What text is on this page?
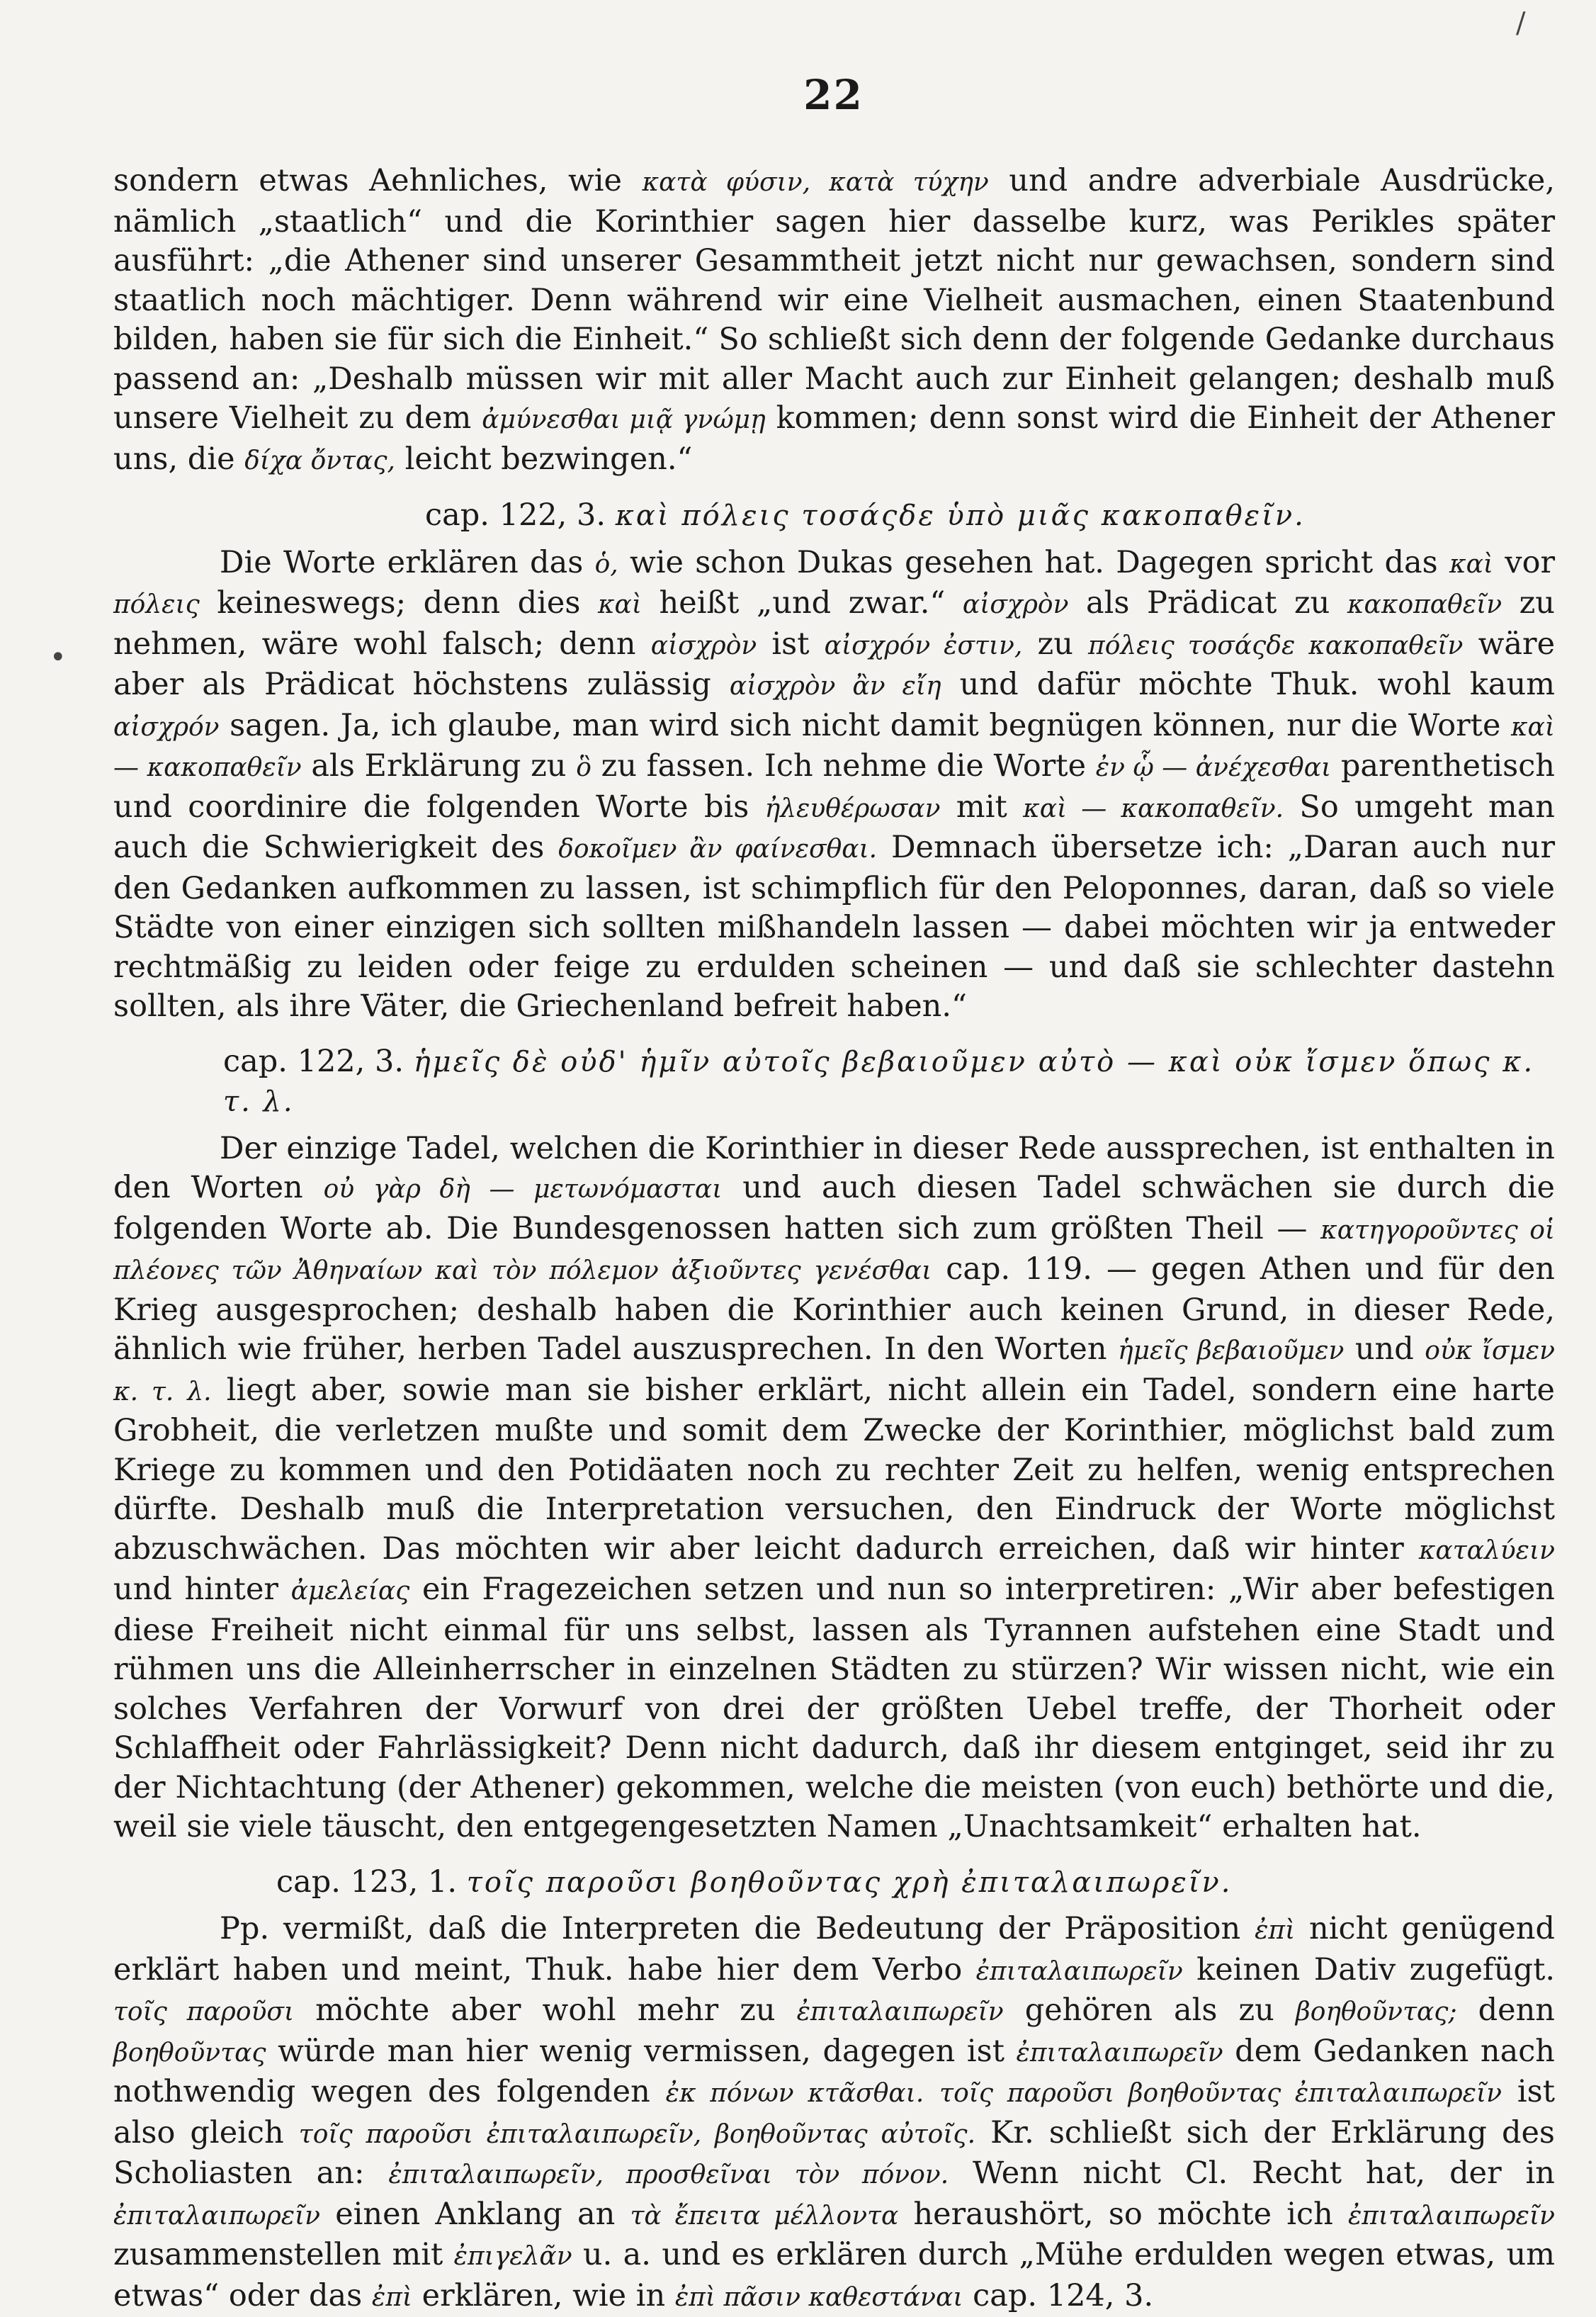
/
•
22

sondern etwas Aehnliches, wie κατὰ φύσιν, κατὰ τύχην und andre adverbiale Ausdrücke, nämlich „staatlich“ und die Korinthier sagen hier dasselbe kurz, was Perikles später ausführt: „die Athener sind unserer Gesammtheit jetzt nicht nur gewachsen, sondern sind staatlich noch mächtiger. Denn während wir eine Vielheit ausmachen, einen Staatenbund bilden, haben sie für sich die Einheit.“ So schließt sich denn der folgende Gedanke durchaus passend an: „Deshalb müssen wir mit aller Macht auch zur Einheit gelangen; deshalb muß unsere Vielheit zu dem ἀμύνεσθαι μιᾷ γνώμῃ kommen; denn sonst wird die Einheit der Athener uns, die δίχα ὄντας, leicht bezwingen.“

cap. 122, 3. καὶ πόλεις τοσάςδε ὑπὸ μιᾶς κακοπαθεῖν.

Die Worte erklären das ὁ, wie schon Dukas gesehen hat. Dagegen spricht das καὶ vor πόλεις keineswegs; denn dies καὶ heißt „und zwar.“ αἰσχρὸν als Prädicat zu κακοπαθεῖν zu nehmen, wäre wohl falsch; denn αἰσχρὸν ist αἰσχρόν ἐστιν, zu πόλεις τοσάςδε κακοπαθεῖν wäre aber als Prädicat höchstens zulässig αἰσχρὸν ἂν εἴη und dafür möchte Thuk. wohl kaum αἰσχρόν sagen. Ja, ich glaube, man wird sich nicht damit begnügen können, nur die Worte καὶ — κακοπαθεῖν als Erklärung zu ὃ zu fassen. Ich nehme die Worte ἐν ᾧ — ἀνέχεσθαι parenthetisch und coordinire die folgenden Worte bis ἠλευθέρωσαν mit καὶ — κακοπαθεῖν. So umgeht man auch die Schwierigkeit des δοκοῖμεν ἂν φαίνεσθαι. Demnach übersetze ich: „Daran auch nur den Gedanken aufkommen zu lassen, ist schimpflich für den Peloponnes, daran, daß so viele Städte von einer einzigen sich sollten mißhandeln lassen — dabei möchten wir ja entweder rechtmäßig zu leiden oder feige zu erdulden scheinen — und daß sie schlechter dastehn sollten, als ihre Väter, die Griechenland befreit haben.“

cap. 122, 3. ἡμεῖς δὲ οὐδ' ἡμῖν αὐτοῖς βεβαιοῦμεν αὐτὸ — καὶ οὐκ ἴσμεν ὅπως κ. τ. λ.

Der einzige Tadel, welchen die Korinthier in dieser Rede aussprechen, ist enthalten in den Worten οὐ γὰρ δὴ — μετωνόμασται und auch diesen Tadel schwächen sie durch die folgenden Worte ab. Die Bundesgenossen hatten sich zum größten Theil — κατηγοροῦντες οἱ πλέονες τῶν Ἀθηναίων καὶ τὸν πόλεμον ἀξιοῦντες γενέσθαι cap. 119. — gegen Athen und für den Krieg ausgesprochen; deshalb haben die Korinthier auch keinen Grund, in dieser Rede, ähnlich wie früher, herben Tadel auszusprechen. In den Worten ἡμεῖς βεβαιοῦμεν und οὐκ ἴσμεν κ. τ. λ. liegt aber, sowie man sie bisher erklärt, nicht allein ein Tadel, sondern eine harte Grobheit, die verletzen mußte und somit dem Zwecke der Korinthier, möglichst bald zum Kriege zu kommen und den Potidäaten noch zu rechter Zeit zu helfen, wenig entsprechen dürfte. Deshalb muß die Interpretation versuchen, den Eindruck der Worte möglichst abzuschwächen. Das möchten wir aber leicht dadurch erreichen, daß wir hinter καταλύειν und hinter ἀμελείας ein Fragezeichen setzen und nun so interpretiren: „Wir aber befestigen diese Freiheit nicht einmal für uns selbst, lassen als Tyrannen aufstehen eine Stadt und rühmen uns die Alleinherrscher in einzelnen Städten zu stürzen? Wir wissen nicht, wie ein solches Verfahren der Vorwurf von drei der größten Uebel treffe, der Thorheit oder Schlaffheit oder Fahrlässigkeit? Denn nicht dadurch, daß ihr diesem entginget, seid ihr zu der Nichtachtung (der Athener) gekommen, welche die meisten (von euch) bethörte und die, weil sie viele täuscht, den entgegengesetzten Namen „Unachtsamkeit“ erhalten hat.

cap. 123, 1. τοῖς παροῦσι βοηθοῦντας χρὴ ἐπιταλαιπωρεῖν.

Pp. vermißt, daß die Interpreten die Bedeutung der Präposition ἐπὶ nicht genügend erklärt haben und meint, Thuk. habe hier dem Verbo ἐπιταλαιπωρεῖν keinen Dativ zugefügt. τοῖς παροῦσι möchte aber wohl mehr zu ἐπιταλαιπωρεῖν gehören als zu βοηθοῦντας; denn βοηθοῦντας würde man hier wenig vermissen, dagegen ist ἐπιταλαιπωρεῖν dem Gedanken nach nothwendig wegen des folgenden ἐκ πόνων κτᾶσθαι. τοῖς παροῦσι βοηθοῦντας ἐπιταλαιπωρεῖν ist also gleich τοῖς παροῦσι ἐπιταλαιπωρεῖν, βοηθοῦντας αὐτοῖς. Kr. schließt sich der Erklärung des Scholiasten an: ἐπιταλαιπωρεῖν, προσθεῖναι τὸν πόνον. Wenn nicht Cl. Recht hat, der in ἐπιταλαιπωρεῖν einen Anklang an τὰ ἔπειτα μέλλοντα heraushört, so möchte ich ἐπιταλαιπωρεῖν zusammenstellen mit ἐπιγελᾶν u. a. und es erklären durch „Mühe erdulden wegen etwas, um etwas“ oder das ἐπὶ erklären, wie in ἐπὶ πᾶσιν καθεστάναι cap. 124, 3.
